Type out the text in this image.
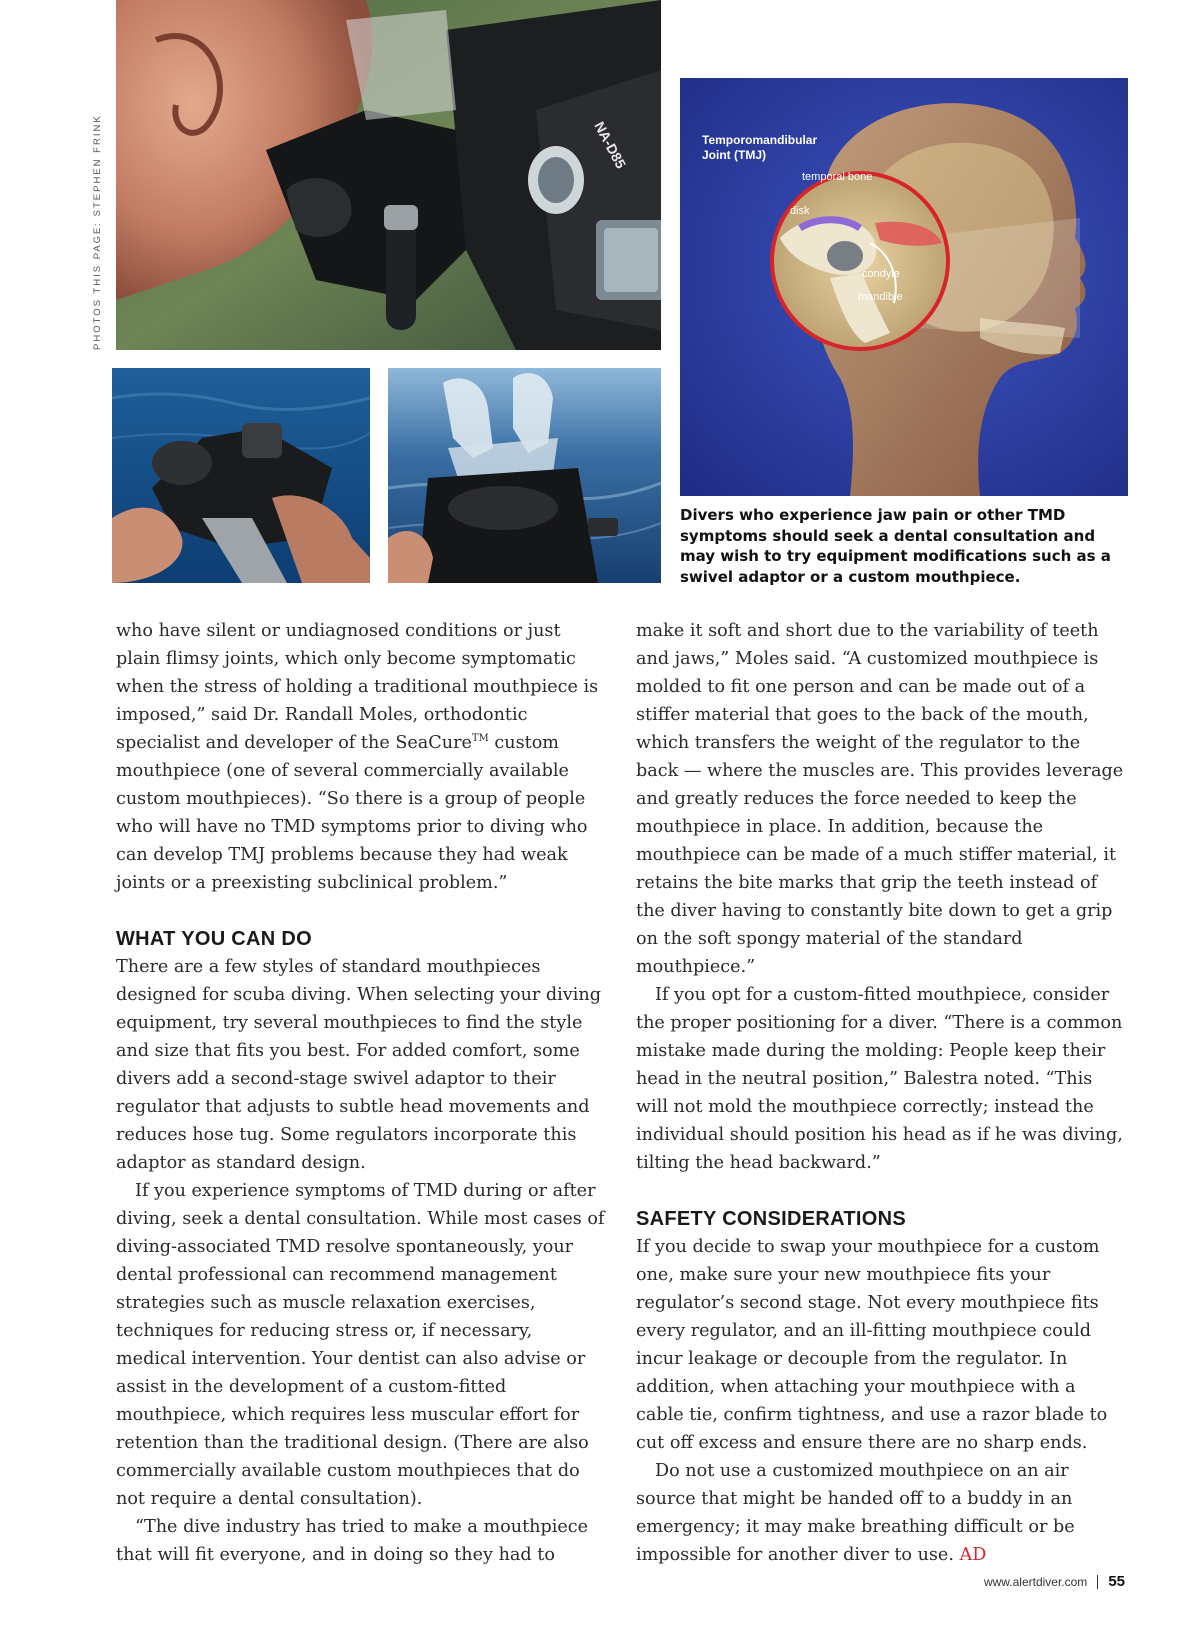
PHOTOS THIS PAGE: STEPHEN FRINK	NA-D85	Temporomandibular
Joint (TMJ)
temporal bone
disk
condyle
mandible
Divers who experience jaw pain or other TMD symptoms should seek a dental consultation and may wish to try equipment modifications such as a swivel adaptor or a custom mouthpiece.

who have silent or undiagnosed conditions or just plain flimsy joints, which only become symptomatic when the stress of holding a traditional mouthpiece is imposed,” said Dr. Randall Moles, orthodontic specialist and developer of the SeaCure™ custom mouthpiece (one of several commercially available custom mouthpieces). “So there is a group of people who will have no TMD symptoms prior to diving who can develop TMJ problems because they had weak joints or a preexisting subclinical problem.”

WHAT YOU CAN DO

There are a few styles of standard mouthpieces designed for scuba diving. When selecting your diving equipment, try several mouthpieces to find the style and size that fits you best. For added comfort, some divers add a second-stage swivel adaptor to their regulator that adjusts to subtle head movements and reduces hose tug. Some regulators incorporate this adaptor as standard design.

If you experience symptoms of TMD during or after diving, seek a dental consultation. While most cases of diving-associated TMD resolve spontaneously, your dental professional can recommend management strategies such as muscle relaxation exercises, techniques for reducing stress or, if necessary, medical intervention. Your dentist can also advise or assist in the development of a custom-fitted mouthpiece, which requires less muscular effort for retention than the traditional design. (There are also commercially available custom mouthpieces that do not require a dental consultation).

“The dive industry has tried to make a mouthpiece that will fit everyone, and in doing so they had to

make it soft and short due to the variability of teeth and jaws,” Moles said. “A customized mouthpiece is molded to fit one person and can be made out of a stiffer material that goes to the back of the mouth, which transfers the weight of the regulator to the back — where the muscles are. This provides leverage and greatly reduces the force needed to keep the mouthpiece in place. In addition, because the mouthpiece can be made of a much stiffer material, it retains the bite marks that grip the teeth instead of the diver having to constantly bite down to get a grip on the soft spongy material of the standard mouthpiece.”

If you opt for a custom-fitted mouthpiece, consider the proper positioning for a diver. “There is a common mistake made during the molding: People keep their head in the neutral position,” Balestra noted. “This will not mold the mouthpiece correctly; instead the individual should position his head as if he was diving, tilting the head backward.”

SAFETY CONSIDERATIONS

If you decide to swap your mouthpiece for a custom one, make sure your new mouthpiece fits your regulator’s second stage. Not every mouthpiece fits every regulator, and an ill-fitting mouthpiece could incur leakage or decouple from the regulator. In addition, when attaching your mouthpiece with a cable tie, confirm tightness, and use a razor blade to cut off excess and ensure there are no sharp ends.

Do not use a customized mouthpiece on an air source that might be handed off to a buddy in an emergency; it may make breathing difficult or be impossible for another diver to use. AD

www.alertdiver.com 55
